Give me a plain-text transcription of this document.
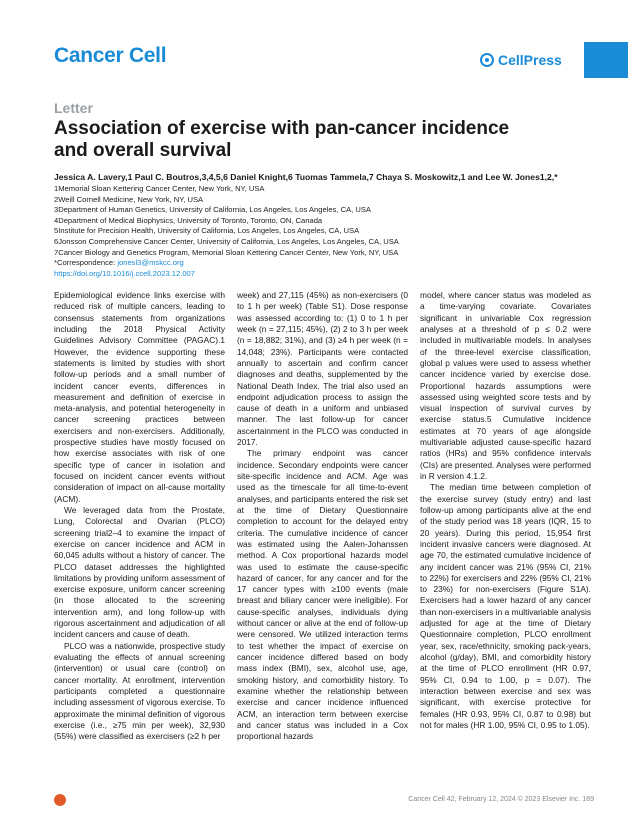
Cancer Cell	CellPress
Letter
Association of exercise with pan-cancer incidence and overall survival
Jessica A. Lavery,1 Paul C. Boutros,3,4,5,6 Daniel Knight,6 Tuomas Tammela,7 Chaya S. Moskowitz,1 and Lee W. Jones1,2,*
1Memorial Sloan Kettering Cancer Center, New York, NY, USA
2Weill Cornell Medicine, New York, NY, USA
3Department of Human Genetics, University of California, Los Angeles, Los Angeles, CA, USA
4Department of Medical Biophysics, University of Toronto, Toronto, ON, Canada
5Institute for Precision Health, University of California, Los Angeles, Los Angeles, CA, USA
6Jonsson Comprehensive Cancer Center, University of California, Los Angeles, Los Angeles, CA, USA
7Cancer Biology and Genetics Program, Memorial Sloan Kettering Cancer Center, New York, NY, USA
*Correspondence: jonesl3@mskcc.org
https://doi.org/10.1016/j.ccell.2023.12.007

Epidemiological evidence links exercise with reduced risk of multiple cancers, leading to consensus statements from organizations including the 2018 Physical Activity Guidelines Advisory Committee (PAGAC).1 However, the evidence supporting these statements is limited by studies with short follow-up periods and a small number of incident cancer events, differences in measurement and definition of exercise in meta-analysis, and potential heterogeneity in cancer screening practices between exercisers and non-exercisers. Additionally, prospective studies have mostly focused on how exercise associates with risk of one specific type of cancer in isolation and focused on incident cancer events without consideration of impact on all-cause mortality (ACM).

We leveraged data from the Prostate, Lung, Colorectal and Ovarian (PLCO) screening trial2–4 to examine the impact of exercise on cancer incidence and ACM in 60,045 adults without a history of cancer. The PLCO dataset addresses the highlighted limitations by providing uniform assessment of exercise exposure, uniform cancer screening (in those allocated to the screening intervention arm), and long follow-up with rigorous ascertainment and adjudication of all incident cancers and cause of death.

PLCO was a nationwide, prospective study evaluating the effects of annual screening (intervention) or usual care (control) on cancer mortality. At enrollment, intervention participants completed a questionnaire including assessment of vigorous exercise. To approximate the minimal definition of vigorous exercise (i.e., ≥75 min per week), 32,930 (55%) were classified as exercisers (≥2 h per

week) and 27,115 (45%) as non-exercisers (0 to 1 h per week) (Table S1). Dose response was assessed according to: (1) 0 to 1 h per week (n = 27,115; 45%), (2) 2 to 3 h per week (n = 18,882; 31%), and (3) ≥4 h per week (n = 14,048; 23%). Participants were contacted annually to ascertain and confirm cancer diagnoses and deaths, supplemented by the National Death Index. The trial also used an endpoint adjudication process to assign the cause of death in a uniform and unbiased manner. The last follow-up for cancer ascertainment in the PLCO was conducted in 2017.

The primary endpoint was cancer incidence. Secondary endpoints were cancer site-specific incidence and ACM. Age was used as the timescale for all time-to-event analyses, and participants entered the risk set at the time of Dietary Questionnaire completion to account for the delayed entry criteria. The cumulative incidence of cancer was estimated using the Aalen-Johanssen method. A Cox proportional hazards model was used to estimate the cause-specific hazard of cancer, for any cancer and for the 17 cancer types with ≥100 events (male breast and biliary cancer were ineligible). For cause-specific analyses, individuals dying without cancer or alive at the end of follow-up were censored. We utilized interaction terms to test whether the impact of exercise on cancer incidence differed based on body mass index (BMI), sex, alcohol use, age, smoking history, and comorbidity history. To examine whether the relationship between exercise and cancer incidence influenced ACM, an interaction term between exercise and cancer status was included in a Cox proportional hazards

model, where cancer status was modeled as a time-varying covariate. Covariates significant in univariable Cox regression analyses at a threshold of p ≤ 0.2 were included in multivariable models. In analyses of the three-level exercise classification, global p values were used to assess whether cancer incidence varied by exercise dose. Proportional hazards assumptions were assessed using weighted score tests and by visual inspection of survival curves by exercise status.5 Cumulative incidence estimates at 70 years of age alongside multivariable adjusted cause-specific hazard ratios (HRs) and 95% confidence intervals (CIs) are presented. Analyses were performed in R version 4.1.2.

The median time between completion of the exercise survey (study entry) and last follow-up among participants alive at the end of the study period was 18 years (IQR, 15 to 20 years). During this period, 15,954 first incident invasive cancers were diagnosed. At age 70, the estimated cumulative incidence of any incident cancer was 21% (95% CI, 21% to 22%) for exercisers and 22% (95% CI, 21% to 23%) for non-exercisers (Figure S1A). Exercisers had a lower hazard of any cancer than non-exercisers in a multivariable analysis adjusted for age at the time of Dietary Questionnaire completion, PLCO enrollment year, sex, race/ethnicity, smoking pack-years, alcohol (g/day), BMI, and comorbidity history at the time of PLCO enrollment (HR 0.97, 95% CI, 0.94 to 1.00, p = 0.07). The interaction between exercise and sex was significant, with exercise protective for females (HR 0.93, 95% CI, 0.87 to 0.98) but not for males (HR 1.00, 95% CI, 0.95 to 1.05).

Cancer Cell 42, February 12, 2024 © 2023 Elsevier Inc. 169
